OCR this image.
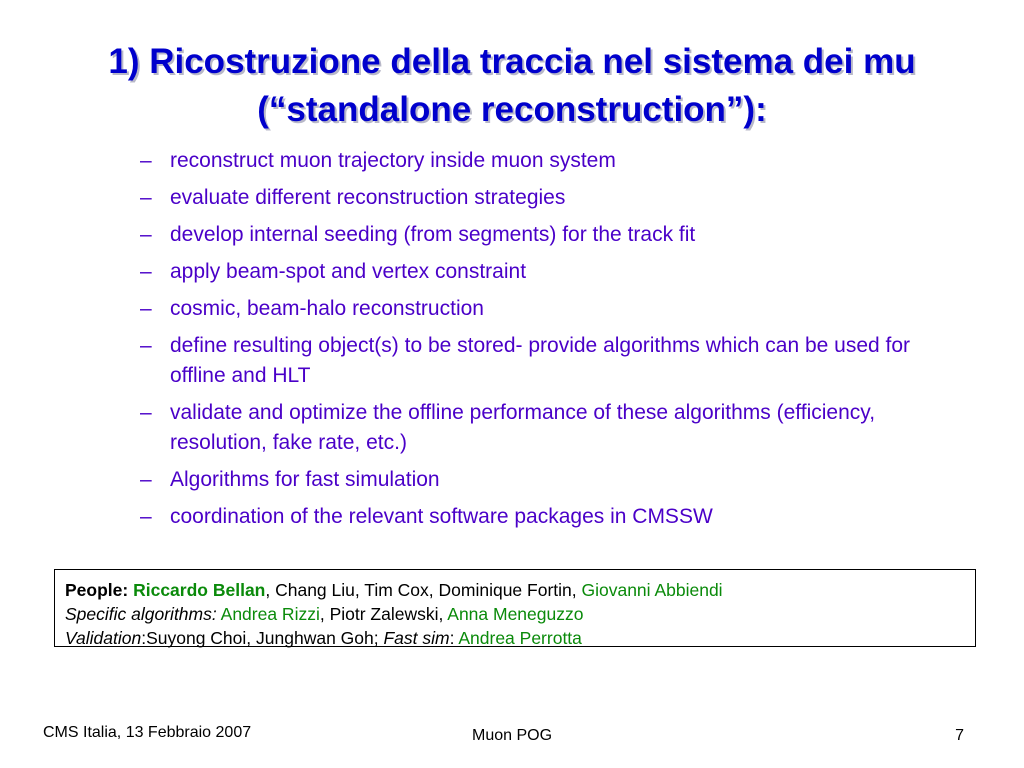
1) Ricostruzione della traccia nel sistema dei mu
(“standalone reconstruction”):
– reconstruct muon trajectory inside muon system
– evaluate different reconstruction strategies
– develop internal seeding (from segments) for the track fit
– apply beam-spot and vertex constraint
– cosmic, beam-halo reconstruction
– define resulting object(s) to be stored- provide algorithms which can be used for offline and HLT
– validate and optimize the offline performance of these algorithms (efficiency, resolution, fake rate, etc.)
– Algorithms for fast simulation
– coordination of the relevant software packages in CMSSW
People: Riccardo Bellan, Chang Liu, Tim Cox, Dominique Fortin, Giovanni Abbiendi
Specific algorithms: Andrea Rizzi, Piotr Zalewski, Anna Meneguzzo
Validation:Suyong Choi, Junghwan Goh; Fast sim: Andrea Perrotta
CMS Italia, 13 Febbraio 2007	Muon POG	7
